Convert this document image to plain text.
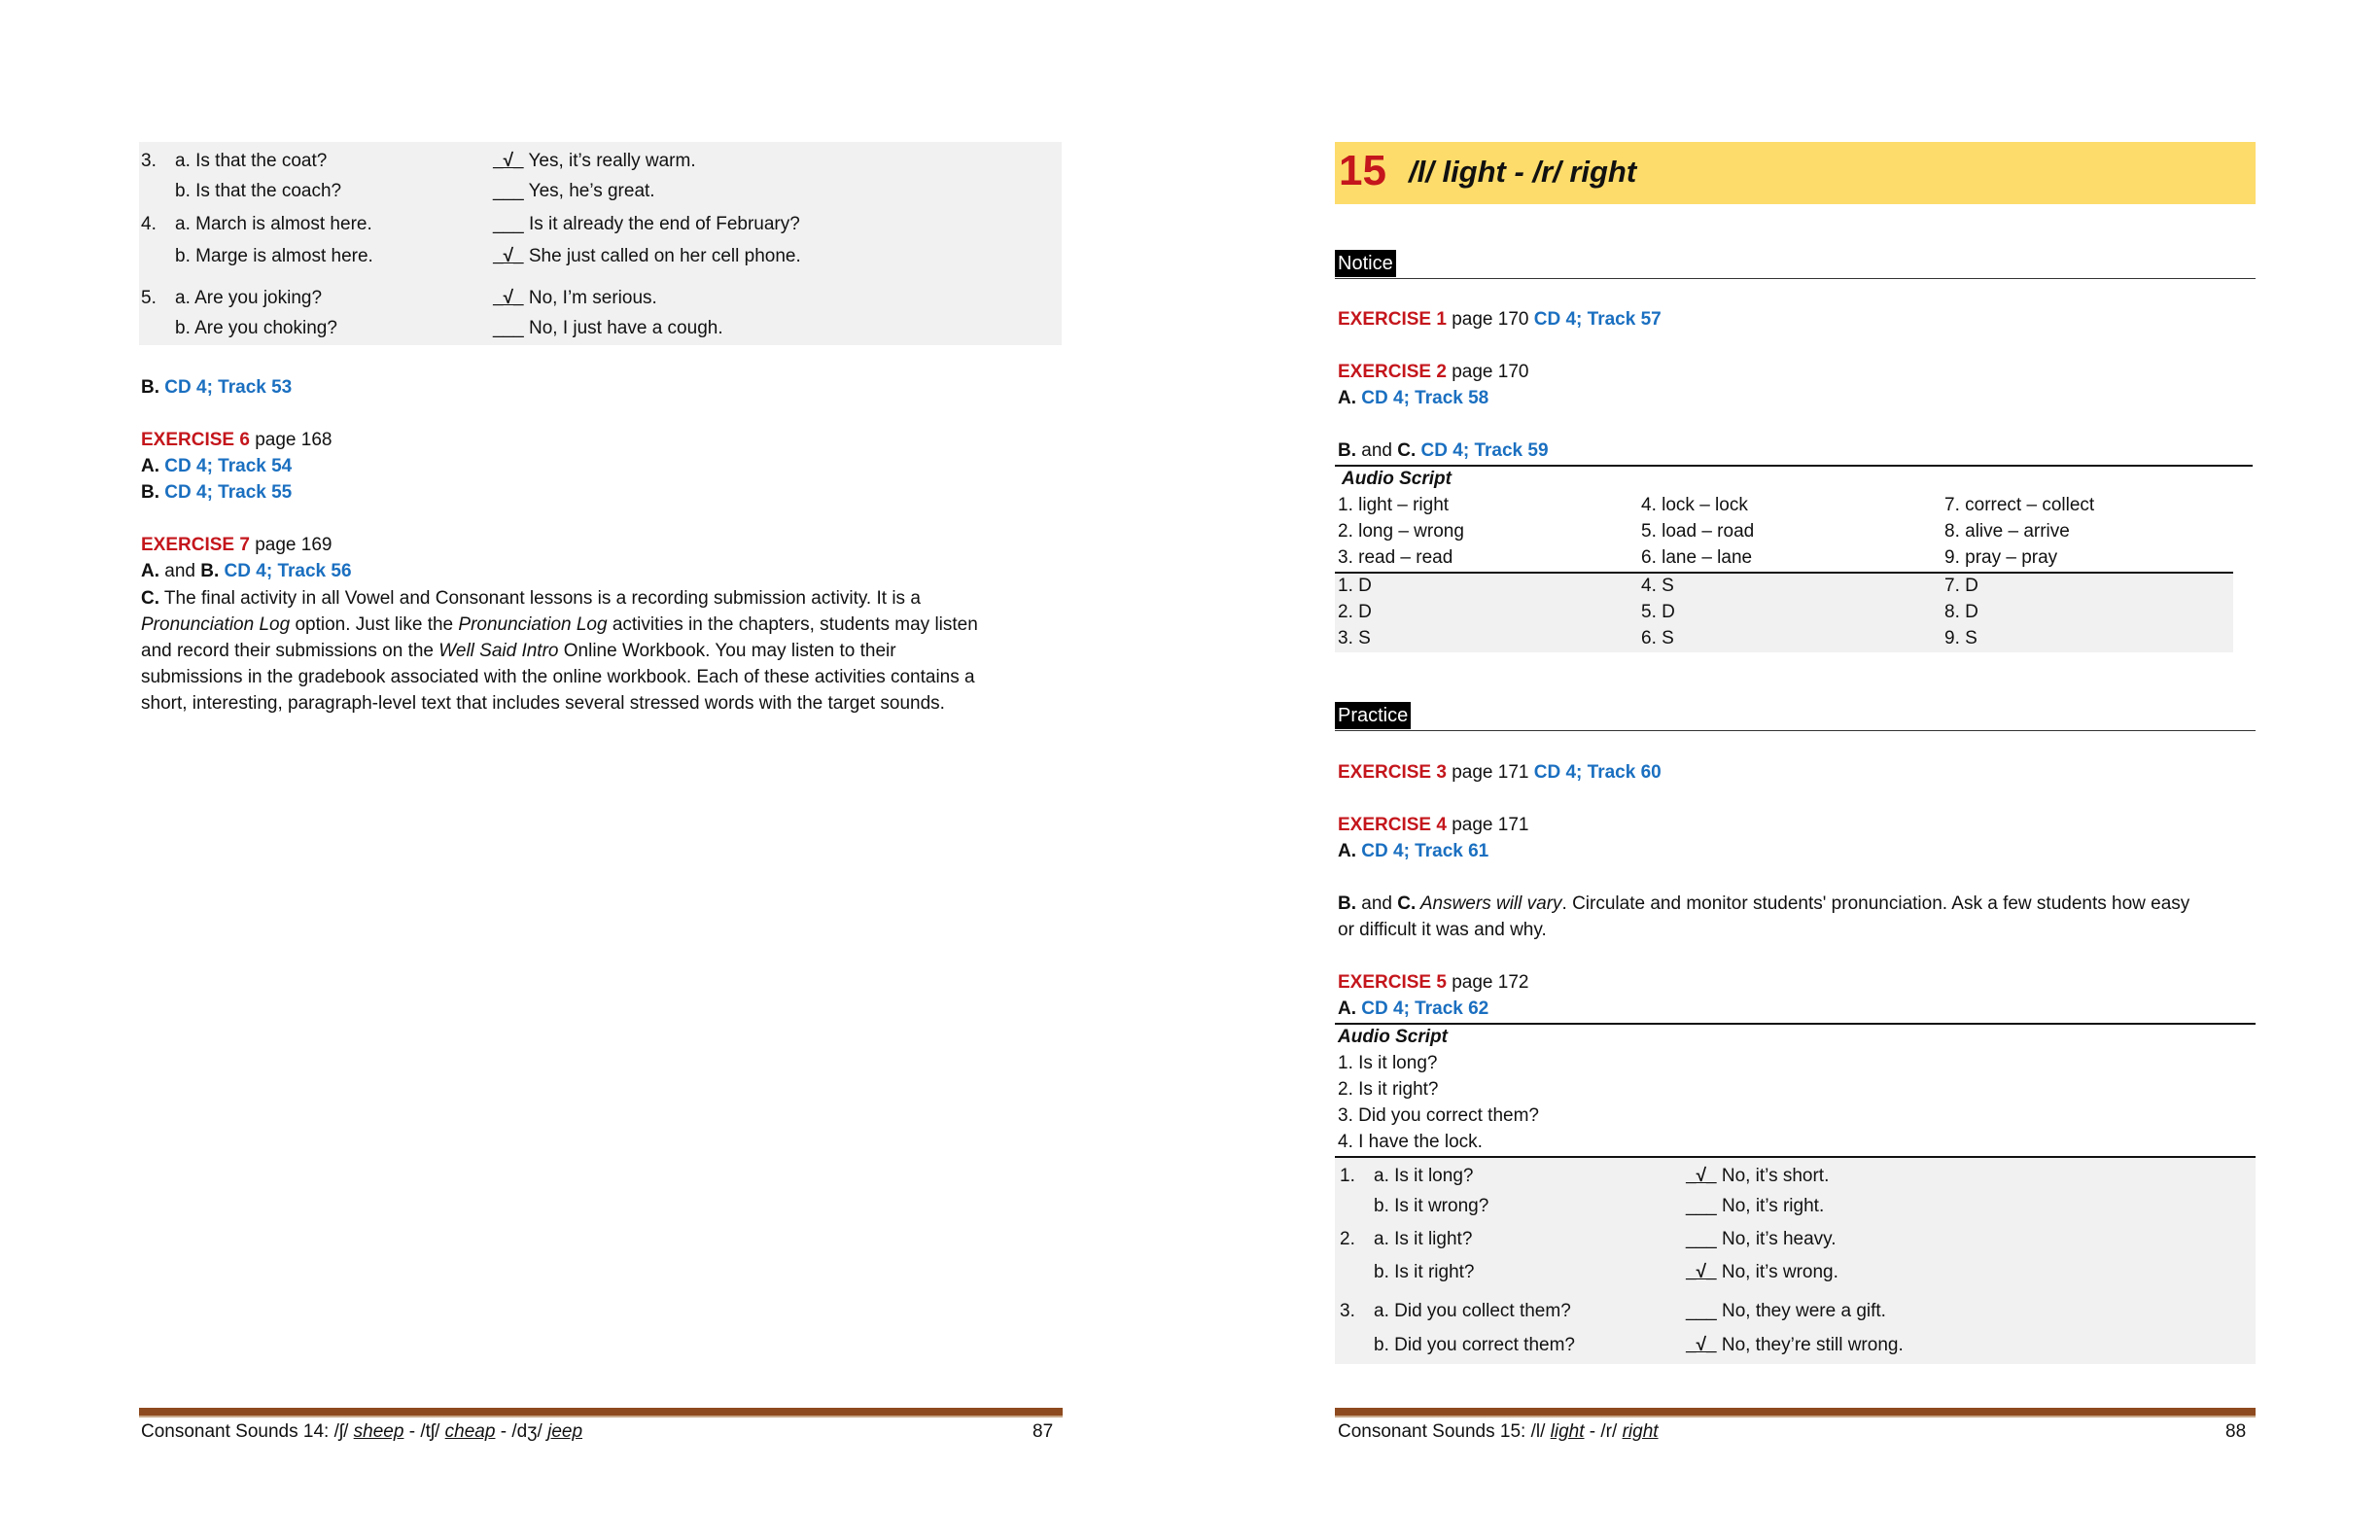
3. a. Is that the coat?	_√_ Yes, it’s really warm.
b. Is that the coach?	___ Yes, he’s great.
4. a. March is almost here.	___ Is it already the end of February?
b. Marge is almost here.	_√_ She just called on her cell phone.
5. a. Are you joking?	_√_ No, I’m serious.
b. Are you choking?	___ No, I just have a cough.
B. CD 4; Track 53
EXERCISE 6 page 168
A. CD 4; Track 54
B. CD 4; Track 55
EXERCISE 7 page 169
A. and B. CD 4; Track 56
C. The final activity in all Vowel and Consonant lessons is a recording submission activity. It is a
Pronunciation Log option. Just like the Pronunciation Log activities in the chapters, students may listen
and record their submissions on the Well Said Intro Online Workbook. You may listen to their
submissions in the gradebook associated with the online workbook. Each of these activities contains a
short, interesting, paragraph-level text that includes several stressed words with the target sounds.
Consonant Sounds 14: /ʃ/ sheep - /tʃ/ cheap - /dʒ/ jeep	87
15 /l/ light - /r/ right
Notice
EXERCISE 1 page 170 CD 4; Track 57
EXERCISE 2 page 170
A. CD 4; Track 58
B. and C. CD 4; Track 59
Audio Script
1. light – right	4. lock – lock	7. correct – collect
2. long – wrong	5. load – road	8. alive – arrive
3. read – read	6. lane – lane	9. pray – pray
1. D	4. S	7. D
2. D	5. D	8. D
3. S	6. S	9. S
Practice
EXERCISE 3 page 171 CD 4; Track 60
EXERCISE 4 page 171
A. CD 4; Track 61
B. and C. Answers will vary. Circulate and monitor students' pronunciation. Ask a few students how easy
or difficult it was and why.
EXERCISE 5 page 172
A. CD 4; Track 62
Audio Script
1. Is it long?
2. Is it right?
3. Did you correct them?
4. I have the lock.
1. a. Is it long?	_√_ No, it’s short.
b. Is it wrong?	___ No, it’s right.
2. a. Is it light?	___ No, it’s heavy.
b. Is it right?	_√_ No, it’s wrong.
3. a. Did you collect them?	___ No, they were a gift.
b. Did you correct them?	_√_ No, they’re still wrong.
Consonant Sounds 15: /l/ light - /r/ right	88
